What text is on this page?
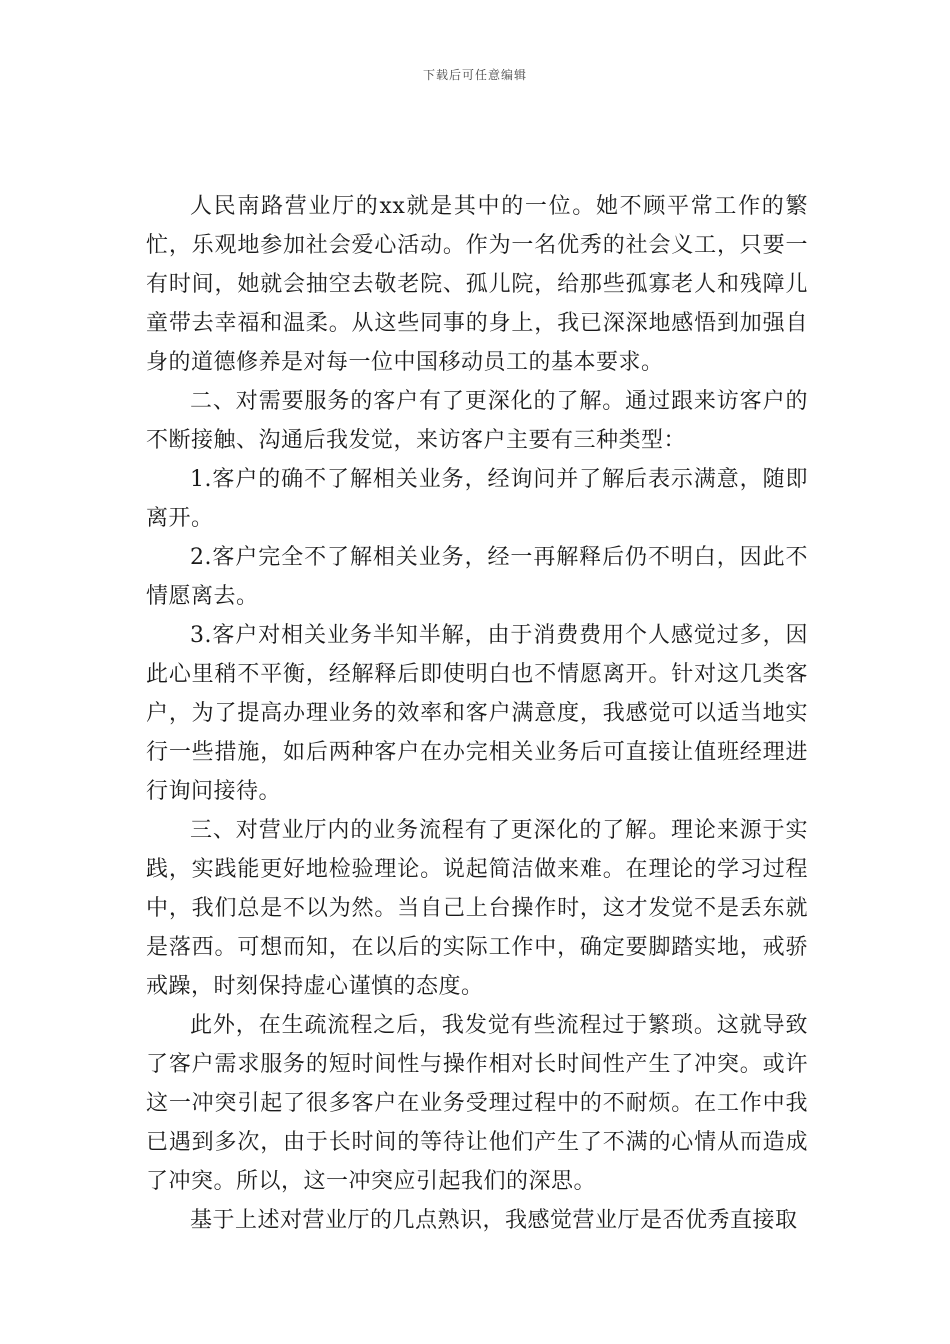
下载后可任意编辑

人民南路营业厅的xx就是其中的一位。她不顾平常工作的繁忙，乐观地参加社会爱心活动。作为一名优秀的社会义工，只要一有时间，她就会抽空去敬老院、孤儿院，给那些孤寡老人和残障儿童带去幸福和温柔。从这些同事的身上，我已深深地感悟到加强自身的道德修养是对每一位中国移动员工的基本要求。

二、对需要服务的客户有了更深化的了解。通过跟来访客户的不断接触、沟通后我发觉，来访客户主要有三种类型：

1.客户的确不了解相关业务，经询问并了解后表示满意，随即离开。

2.客户完全不了解相关业务，经一再解释后仍不明白，因此不情愿离去。

3.客户对相关业务半知半解，由于消费费用个人感觉过多，因此心里稍不平衡，经解释后即使明白也不情愿离开。针对这几类客户，为了提高办理业务的效率和客户满意度，我感觉可以适当地实行一些措施，如后两种客户在办完相关业务后可直接让值班经理进行询问接待。

三、对营业厅内的业务流程有了更深化的了解。理论来源于实践，实践能更好地检验理论。说起简洁做来难。在理论的学习过程中，我们总是不以为然。当自己上台操作时，这才发觉不是丢东就是落西。可想而知，在以后的实际工作中，确定要脚踏实地，戒骄戒躁，时刻保持虚心谨慎的态度。

此外，在生疏流程之后，我发觉有些流程过于繁琐。这就导致了客户需求服务的短时间性与操作相对长时间性产生了冲突。或许这一冲突引起了很多客户在业务受理过程中的不耐烦。在工作中我已遇到多次，由于长时间的等待让他们产生了不满的心情从而造成了冲突。所以，这一冲突应引起我们的深思。

基于上述对营业厅的几点熟识，我感觉营业厅是否优秀直接取
